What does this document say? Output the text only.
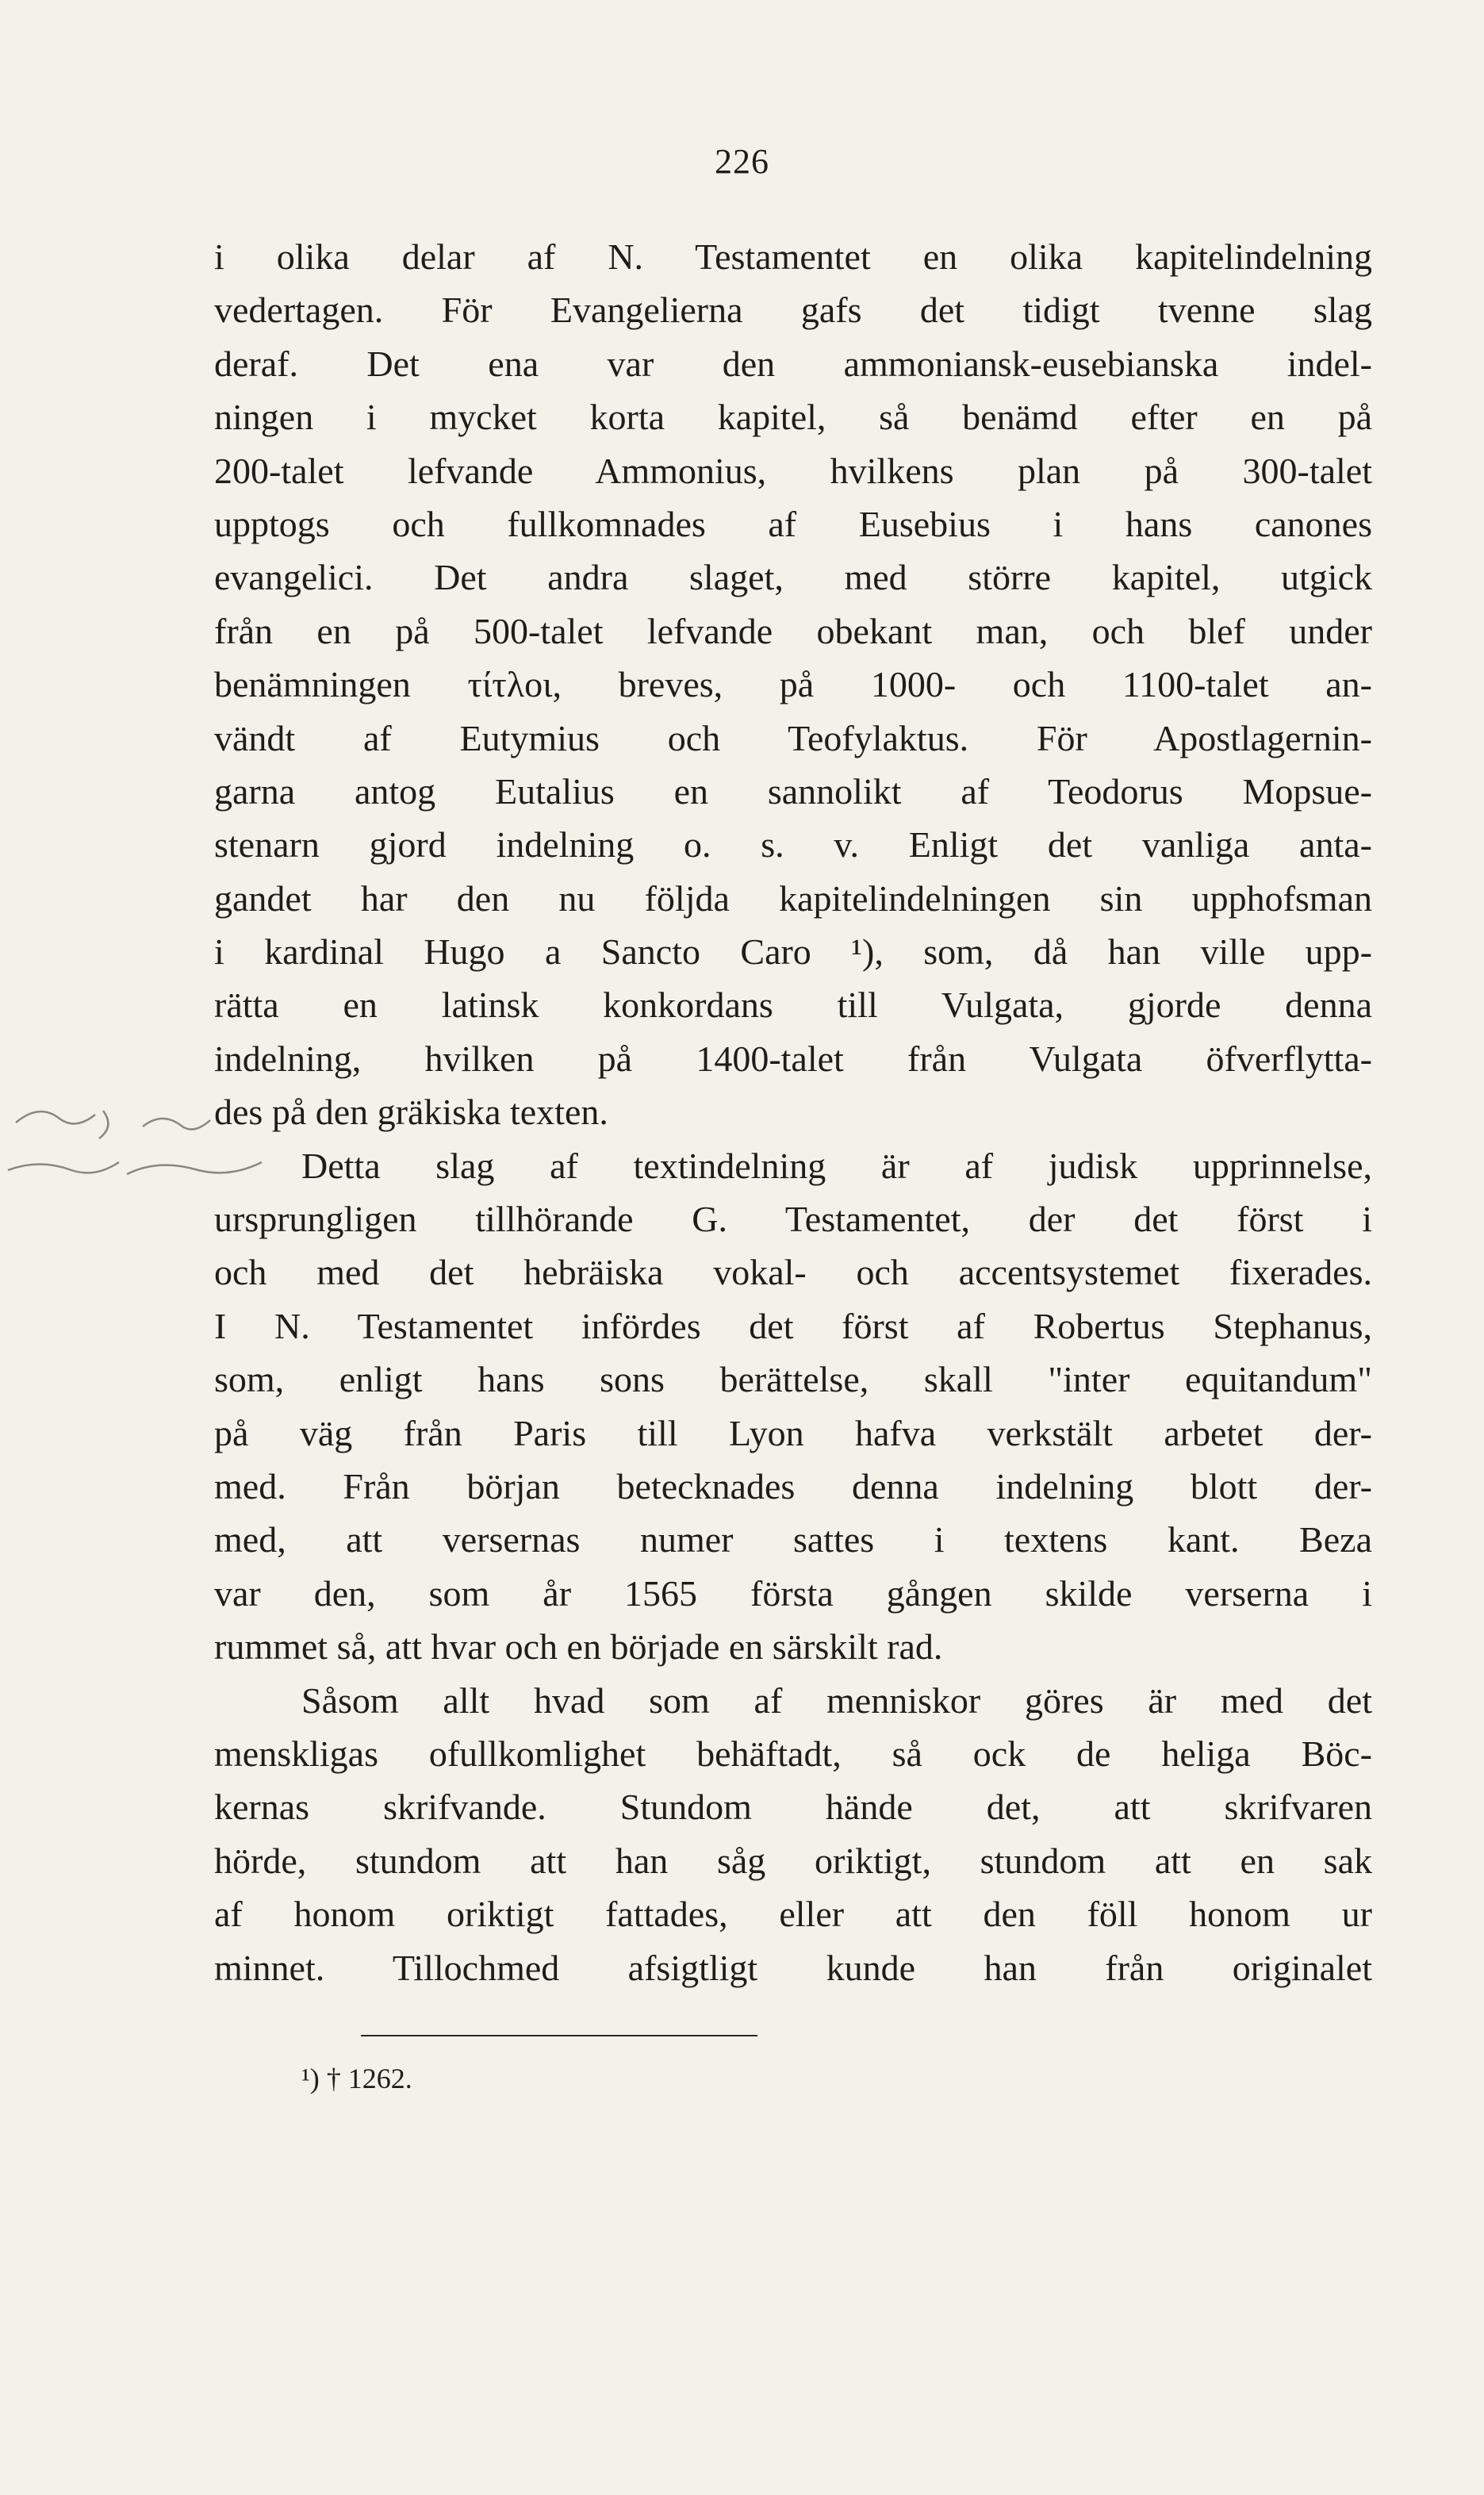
226
i olika delar af N. Testamentet en olika kapitelindelning
vedertagen. För Evangelierna gafs det tidigt tvenne slag
deraf. Det ena var den ammoniansk-eusebianska indel-
ningen i mycket korta kapitel, så benämd efter en på
200-talet lefvande Ammonius, hvilkens plan på 300-talet
upptogs och fullkomnades af Eusebius i hans canones
evangelici. Det andra slaget, med större kapitel, utgick
från en på 500-talet lefvande obekant man, och blef under
benämningen τίτλοι, breves, på 1000- och 1100-talet an-
vändt af Eutymius och Teofylaktus. För Apostlagernin-
garna antog Eutalius en sannolikt af Teodorus Mopsue-
stenarn gjord indelning o. s. v. Enligt det vanliga anta-
gandet har den nu följda kapitelindelningen sin upphofsman
i kardinal Hugo a Sancto Caro ¹), som, då han ville upp-
rätta en latinsk konkordans till Vulgata, gjorde denna
indelning, hvilken på 1400-talet från Vulgata öfverflytta-
des på den gräkiska texten.
Detta slag af textindelning är af judisk upprinnelse,
ursprungligen tillhörande G. Testamentet, der det först i
och med det hebräiska vokal- och accentsystemet fixerades.
I N. Testamentet infördes det först af Robertus Stephanus,
som, enligt hans sons berättelse, skall "inter equitandum"
på väg från Paris till Lyon hafva verkstält arbetet der-
med. Från början betecknades denna indelning blott der-
med, att versernas numer sattes i textens kant. Beza
var den, som år 1565 första gången skilde verserna i
rummet så, att hvar och en började en särskilt rad.
Såsom allt hvad som af menniskor göres är med det
menskligas ofullkomlighet behäftadt, så ock de heliga Böc-
kernas skrifvande. Stundom hände det, att skrifvaren
hörde, stundom att han såg oriktigt, stundom att en sak
af honom oriktigt fattades, eller att den föll honom ur
minnet. Tillochmed afsigtligt kunde han från originalet
¹) † 1262.
